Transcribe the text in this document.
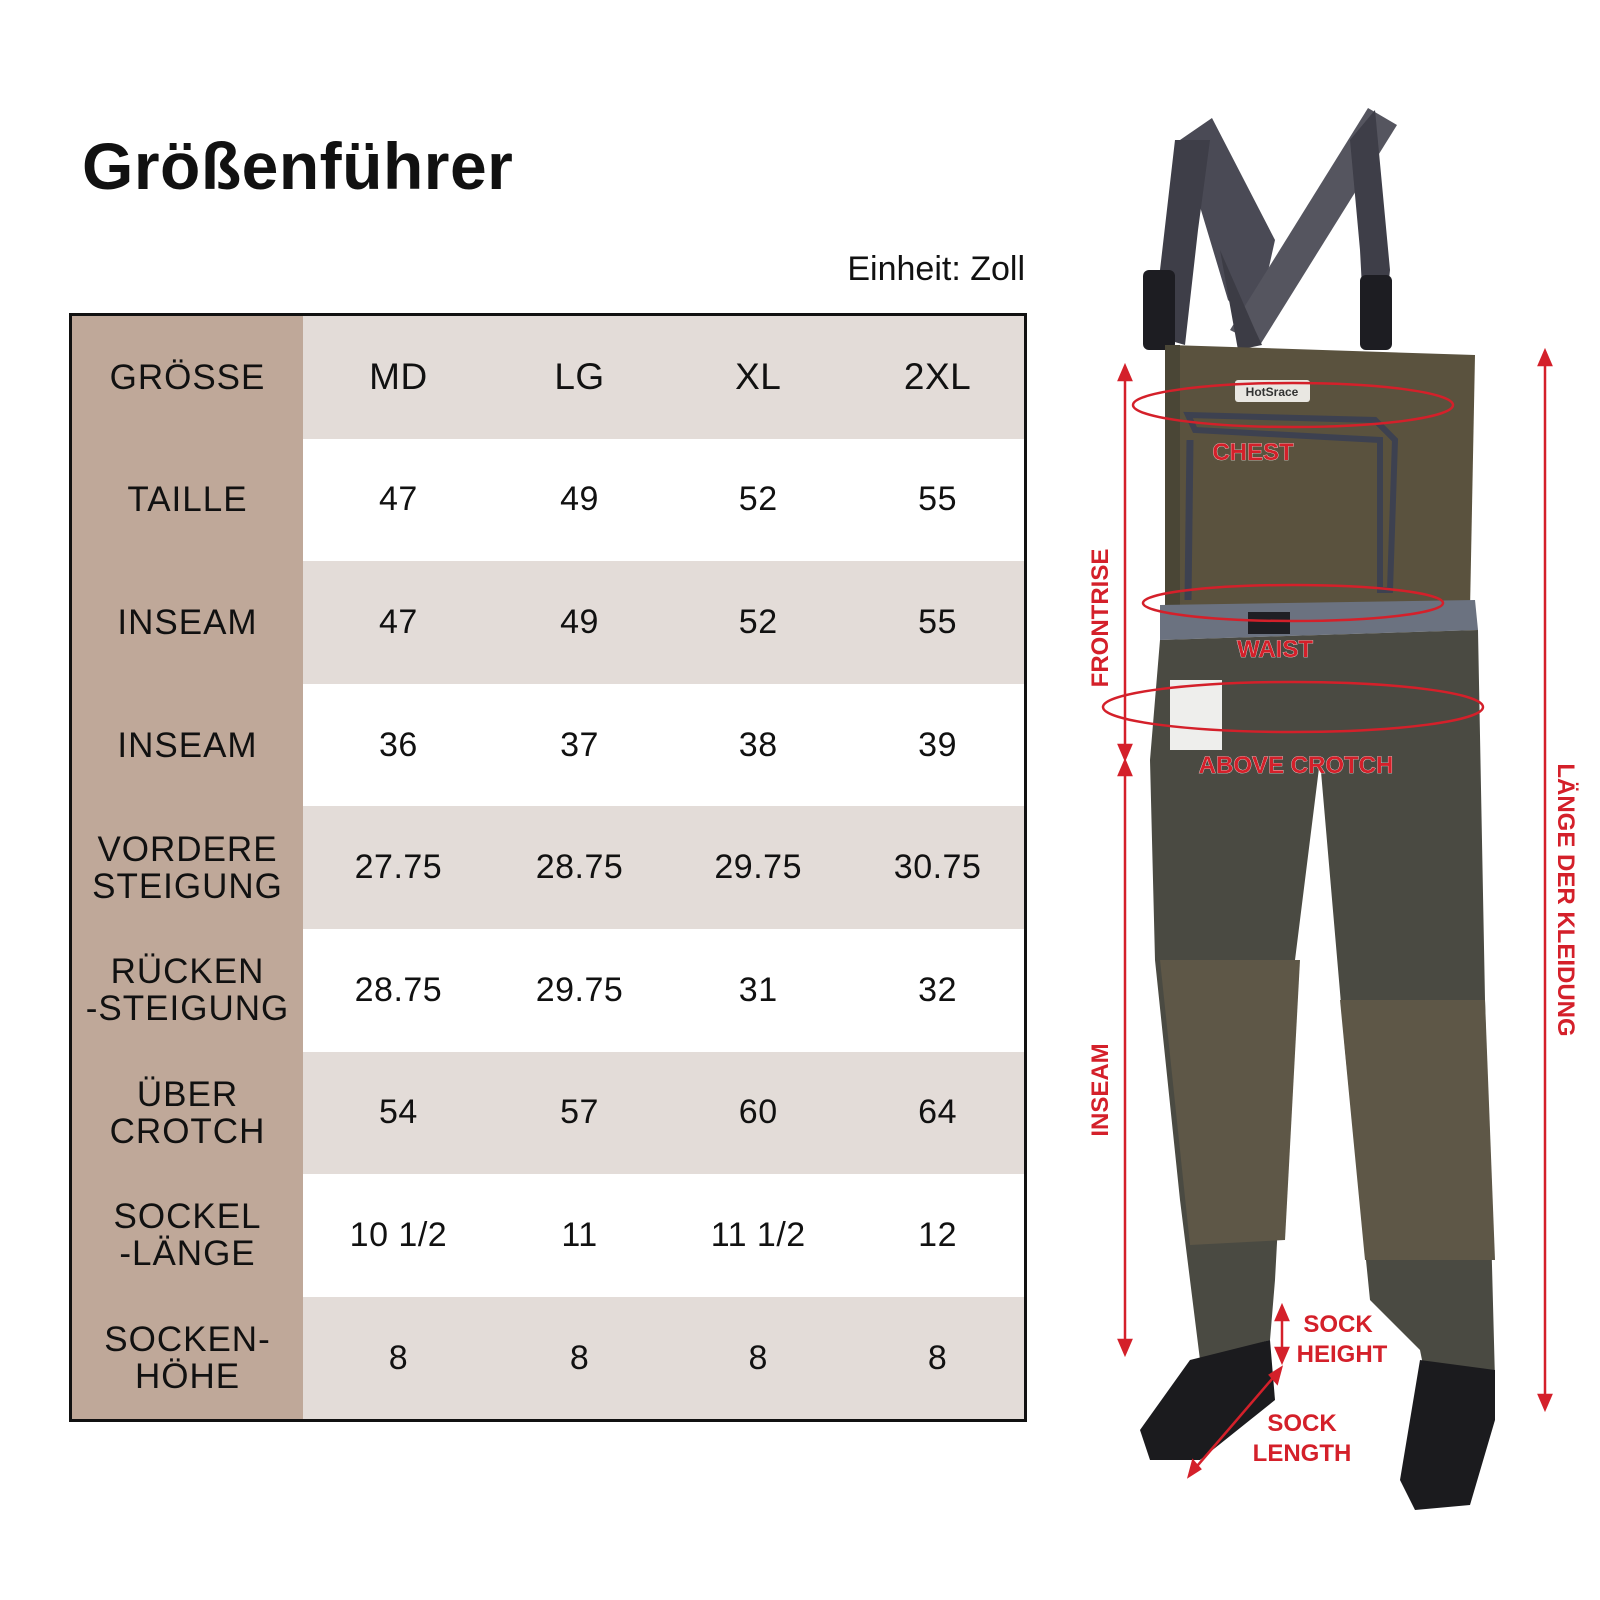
Größenführer
Einheit: Zoll
GRÖSSE	MD	LG	XL	2XL

TAILLE	47	49	52	55

INSEAM	47	49	52	55

INSEAM	36	37	38	39

VORDERE
STEIGUNG	27.75	28.75	29.75	30.75

RÜCKEN
-STEIGUNG	28.75	29.75	31	32

ÜBER
CROTCH	54	57	60	64

SOCKEL
-LÄNGE	10 1/2	11	11 1/2	12

SOCKEN-
HÖHE	8	8	8	8
HotSrace
CHEST
WAIST
ABOVE CROTCH
SOCK
HEIGHT
SOCK
LENGTH
FRONTRISE
INSEAM
LÄNGE DER KLEIDUNG
